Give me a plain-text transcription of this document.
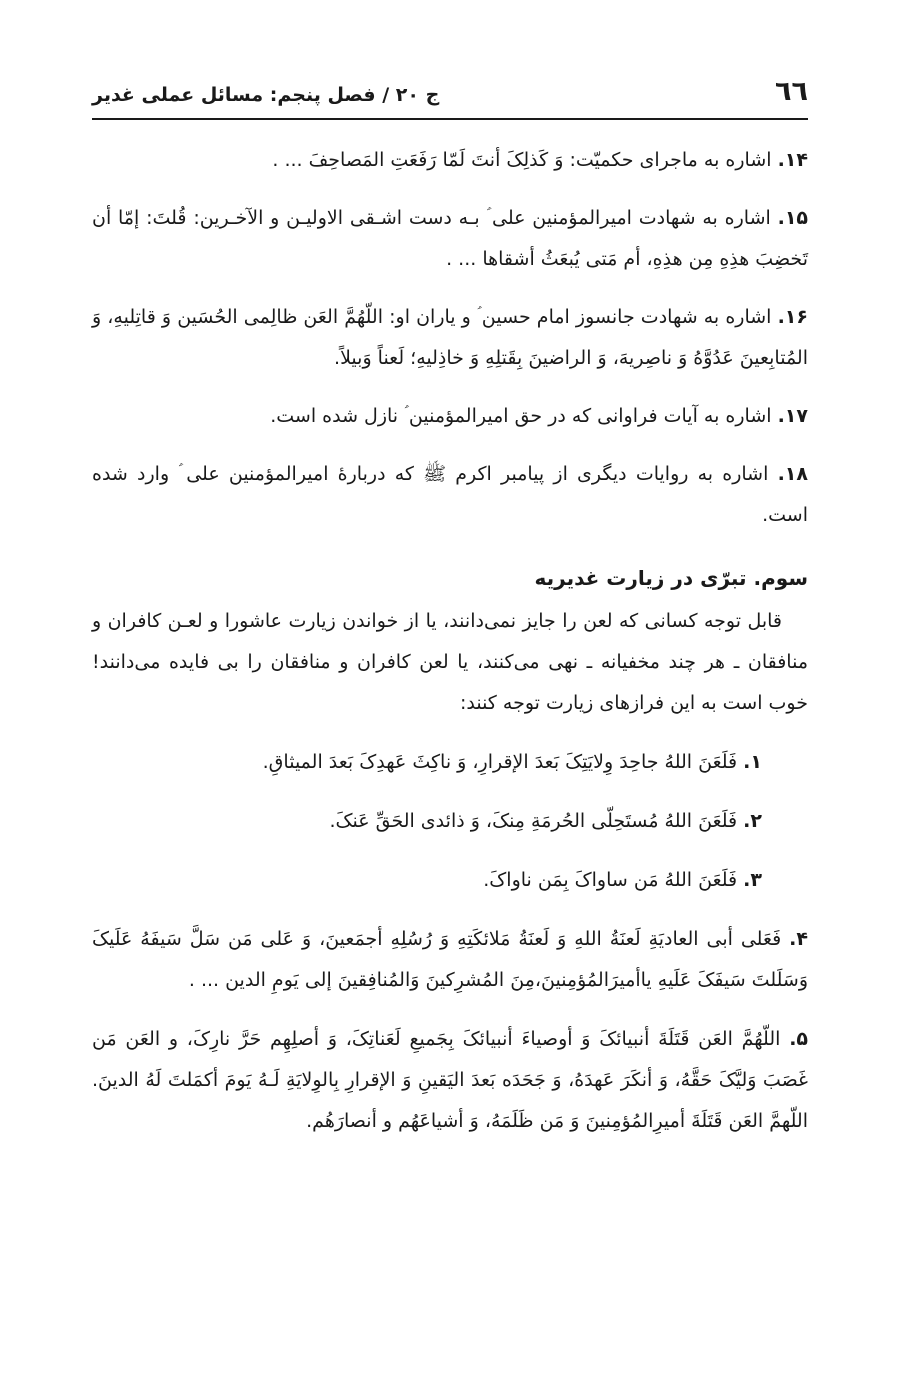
٦٦
ج ٢٠ / فصل پنجم: مسائل عملی غدیر

۱۴. اشاره به ماجرای حکمیّت: وَ کَذلِکَ أنتَ لَمّا رَفَعَتِ المَصاحِفَ ... .

۱۵. اشاره به شهادت امیرالمؤمنین علی ؑ بـه دست اشـقی الاولیـن و الآخـرین: قُلتَ: إمّا أن تَخضِبَ هذِهِ مِن هذِهِ، أم مَتی یُبعَثُ أشقاها ... .

۱۶. اشاره به شهادت جانسوز امام حسین ؑ و یاران او: اللّهُمَّ العَن ظالِمی الحُسَین وَ قاتِلیهِ، وَ المُتابِعینَ عَدُوَّهُ وَ ناصِریهَ، وَ الراضینَ بِقَتلِهِ وَ خاذِلیهِ؛ لَعناً وَبیلاً.

۱۷. اشاره به آیات فراوانی که در حق امیرالمؤمنین ؑ نازل شده است.

۱۸. اشاره به روایات دیگری از پیامبر اکرم ﷺ که دربارهٔ امیرالمؤمنین علی ؑ وارد شده است.

سوم. تبرّی در زیارت غدیریه

قابل توجه کسانی که لعن را جایز نمی‌دانند، یا از خواندن زیارت عاشورا و لعـن کافران و منافقان ـ هر چند مخفیانه ـ نهی می‌کنند، یا لعن کافران و منافقان را بی فایده می‌دانند! خوب است به این فرازهای زیارت توجه کنند:

۱. فَلَعَنَ اللهُ جاحِدَ وِلایَتِکَ بَعدَ الإقرارِ، وَ ناکِثَ عَهدِکَ بَعدَ المیثاقِ.

۲. فَلَعَنَ اللهُ مُستَحِلّی الحُرمَةِ مِنکَ، وَ ذائدی الحَقِّ عَنکَ.

۳. فَلَعَنَ اللهُ مَن ساواکَ بِمَن ناواکَ.

۴. فَعَلی أبی العادیَةِ لَعنَةُ اللهِ وَ لَعنَةُ مَلائکَتِهِ وَ رُسُلِهِ أجمَعینَ، وَ عَلی مَن سَلَّ سَیفَهُ عَلَیکَ وَسَلَلتَ سَیفَکَ عَلَیهِ یاأمیرَالمُؤمِنینَ،مِنَ المُشرِکینَ وَالمُنافِقینَ إلی یَومِ الدین ... .

۵. اللّهُمَّ العَن قَتَلَةَ أنبیائکَ وَ أوصیاءَ أنبیائکَ بِجَمیعِ لَعَناتِکَ، وَ أصلِهِم حَرَّ نارِکَ، و العَن مَن غَصَبَ وَلیَّکَ حَقَّهُ، وَ أنکَرَ عَهدَهُ، وَ جَحَدَه بَعدَ الیَقینِ وَ الإقرارِ بِالوِلایَةِ لَـهُ یَومَ أکمَلتَ لَهُ الدینَ. اللّهمَّ العَن قَتَلَةَ أمیرِالمُؤمِنینَ وَ مَن ظَلَمَهُ، وَ أشیاعَهُم و أنصارَهُم.
